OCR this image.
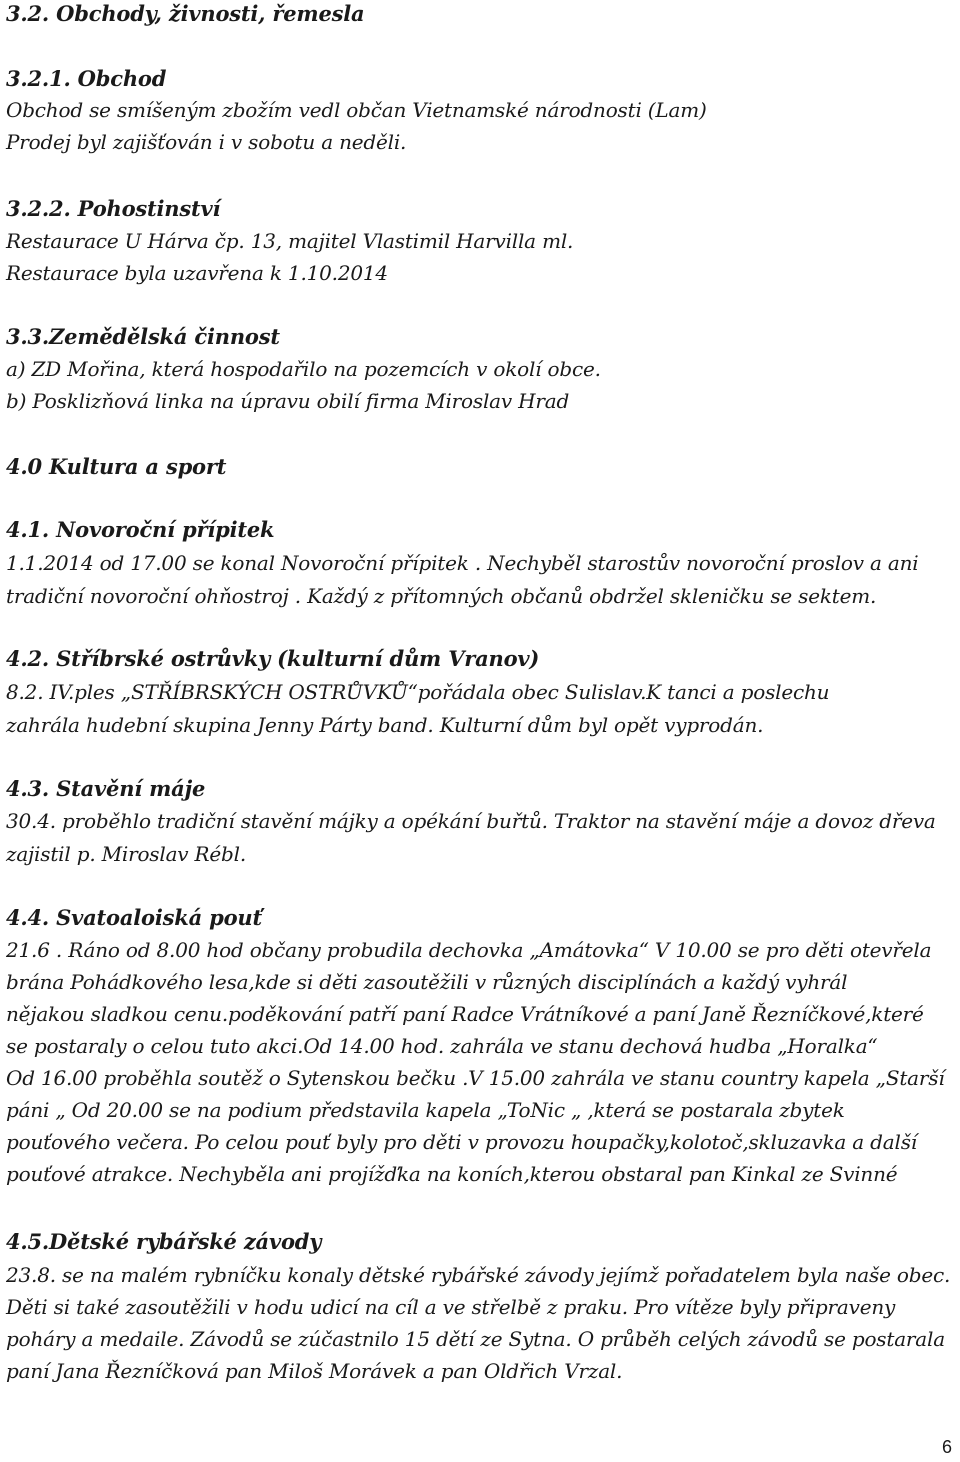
3.2. Obchody, živnosti, řemesla
3.2.1. Obchod
Obchod se smíšeným zbožím vedl občan Vietnamské národnosti (Lam)
Prodej byl zajišťován i v sobotu a neděli.
3.2.2. Pohostinství
Restaurace U Hárva čp. 13, majitel Vlastimil Harvilla ml.
Restaurace byla uzavřena k 1.10.2014
3.3.Zemědělská činnost
a) ZD Mořina, která hospodařilo na pozemcích v okolí obce.
b) Posklizňová linka na úpravu obilí firma Miroslav Hrad
4.0 Kultura a sport
4.1. Novoroční přípitek
1.1.2014 od 17.00 se konal Novoroční přípitek . Nechyběl starostův novoroční proslov a ani
tradiční novoroční ohňostroj . Každý z přítomných občanů obdržel skleničku se sektem.
4.2. Stříbrské ostrůvky (kulturní dům Vranov)
8.2. IV.ples „STŘÍBRSKÝCH OSTRŮVKŮ“pořádala obec Sulislav.K tanci a poslechu
zahrála hudební skupina Jenny Párty band. Kulturní dům byl opět vyprodán.
4.3. Stavění máje
30.4. proběhlo tradiční stavění májky a opékání buřtů. Traktor na stavění máje a dovoz dřeva
zajistil p. Miroslav Rébl.
4.4. Svatoaloiská pouť
21.6 . Ráno od 8.00 hod občany probudila dechovka „Amátovka“ V 10.00 se pro děti otevřela
brána Pohádkového lesa,kde si děti zasoutěžili v různých disciplínách a každý vyhrál
nějakou sladkou cenu.poděkování patří paní Radce Vrátníkové a paní Janě Řezníčkové,které
se postaraly o celou tuto akci.Od 14.00 hod. zahrála ve stanu dechová hudba „Horalka“
Od 16.00 proběhla soutěž o Sytenskou bečku .V 15.00 zahrála ve stanu country kapela „Starší
páni „ Od 20.00 se na podium představila kapela „ToNic „ ,která se postarala zbytek
pouťového večera. Po celou pouť byly pro děti v provozu houpačky,kolotoč,skluzavka a další
pouťové atrakce. Nechyběla ani projížďka na koních,kterou obstaral pan Kinkal ze Svinné
4.5.Dětské rybářské závody
23.8. se na malém rybníčku konaly dětské rybářské závody jejímž pořadatelem byla naše obec.
Děti si také zasoutěžili v hodu udicí na cíl a ve střelbě z praku. Pro vítěze byly připraveny
poháry a medaile. Závodů se zúčastnilo 15 dětí ze Sytna. O průběh celých závodů se postarala
paní Jana Řezníčková pan Miloš Morávek a pan Oldřich Vrzal.
6
